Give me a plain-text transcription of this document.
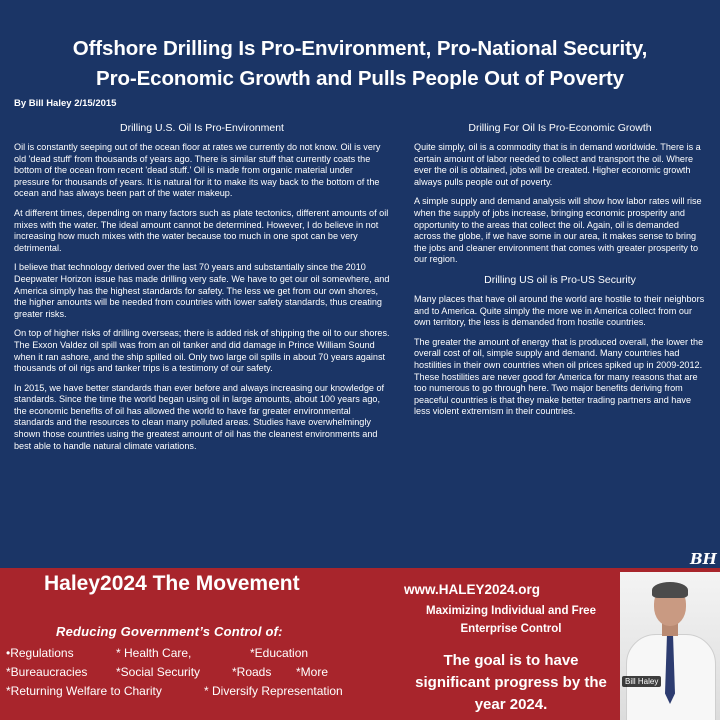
Offshore Drilling Is Pro-Environment, Pro-National Security,
Pro-Economic Growth and Pulls People Out of Poverty
By Bill Haley 2/15/2015
Drilling U.S. Oil Is Pro-Environment

Oil is constantly seeping out of the ocean floor at rates we currently do not know. Oil is very old 'dead stuff' from thousands of years ago. There is similar stuff that currently coats the bottom of the ocean from recent 'dead stuff.' Oil is made from organic material under pressure for thousands of years. It is natural for it to make its way back to the bottom of the ocean and has always been part of the water makeup.

At different times, depending on many factors such as plate tectonics, different amounts of oil mixes with the water. The ideal amount cannot be determined. However, I do believe in not increasing how much mixes with the water because too much in one spot can be very detrimental.

I believe that technology derived over the last 70 years and substantially since the 2010 Deepwater Horizon issue has made drilling very safe. We have to get our oil somewhere, and America simply has the highest standards for safety. The less we get from our own shores, the higher amounts will be needed from countries with lower safety standards, thus creating greater risks.

On top of higher risks of drilling overseas; there is added risk of shipping the oil to our shores. The Exxon Valdez oil spill was from an oil tanker and did damage in Prince William Sound when it ran ashore, and the ship spilled oil. Only two large oil spills in about 70 years against thousands of oil rigs and tanker trips is a testimony of our safety.

In 2015, we have better standards than ever before and always increasing our knowledge of standards. Since the time the world began using oil in large amounts, about 100 years ago, the economic benefits of oil has allowed the world to have far greater environmental standards and the resources to clean many polluted areas. Studies have overwhelmingly shown those countries using the greatest amount of oil has the cleanest environments and best able to handle natural climate variations.

Drilling For Oil Is Pro-Economic Growth

Quite simply, oil is a commodity that is in demand worldwide. There is a certain amount of labor needed to collect and transport the oil. Where ever the oil is obtained, jobs will be created. Higher economic growth always pulls people out of poverty.

A simple supply and demand analysis will show how labor rates will rise when the supply of jobs increase, bringing economic prosperity and opportunity to the areas that collect the oil. Again, oil is demanded across the globe, if we have some in our area, it makes sense to bring the jobs and cleaner environment that comes with greater prosperity to our region.

Drilling US oil is Pro-US Security

Many places that have oil around the world are hostile to their neighbors and to America. Quite simply the more we in America collect from our own territory, the less is demanded from hostile countries.

The greater the amount of energy that is produced overall, the lower the overall cost of oil, simple supply and demand. Many countries had hostilities in their own countries when oil prices spiked up in 2009-2012. These hostilities are never good for America for many reasons that are too numerous to go through here. Two major benefits deriving from peaceful countries is that they make better trading partners and have less violent extremism in their countries.

BH
Haley2024 The Movement
Reducing Government’s Control of:
•Regulations	* Health Care,	*Education
*Bureaucracies *Social Security	*Roads *More
*Returning Welfare to Charity	* Diversify Representation
www.HALEY2024.org
Maximizing Individual and Free Enterprise Control
The goal is to have significant progress by the year 2024.
Bill Haley
